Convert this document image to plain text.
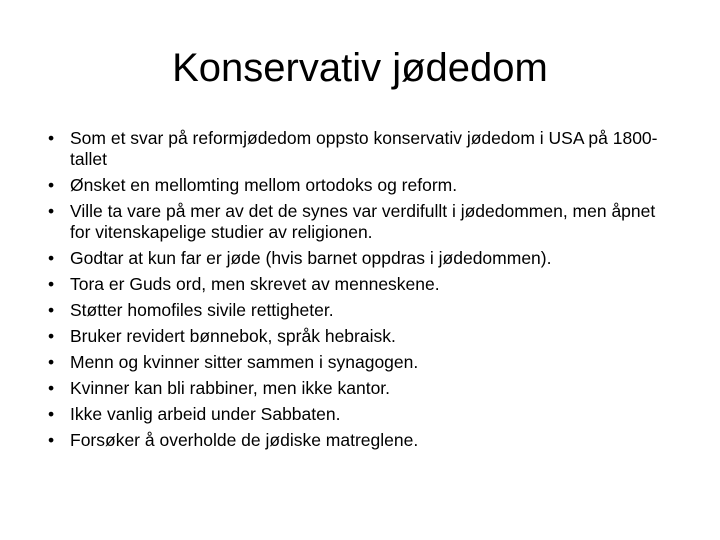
Konservativ jødedom
• Som et svar på reformjødedom oppsto konservativ jødedom i USA på 1800-tallet
• Ønsket en mellomting mellom ortodoks og reform.
• Ville ta vare på mer av det de synes var verdifullt i jødedommen, men åpnet for vitenskapelige studier av religionen.
• Godtar at kun far er jøde (hvis barnet oppdras i jødedommen).
• Tora er Guds ord, men skrevet av menneskene.
• Støtter homofiles sivile rettigheter.
• Bruker revidert bønnebok, språk hebraisk.
• Menn og kvinner sitter sammen i synagogen.
• Kvinner kan bli rabbiner, men ikke kantor.
• Ikke vanlig arbeid under Sabbaten.
• Forsøker å overholde de jødiske matreglene.
